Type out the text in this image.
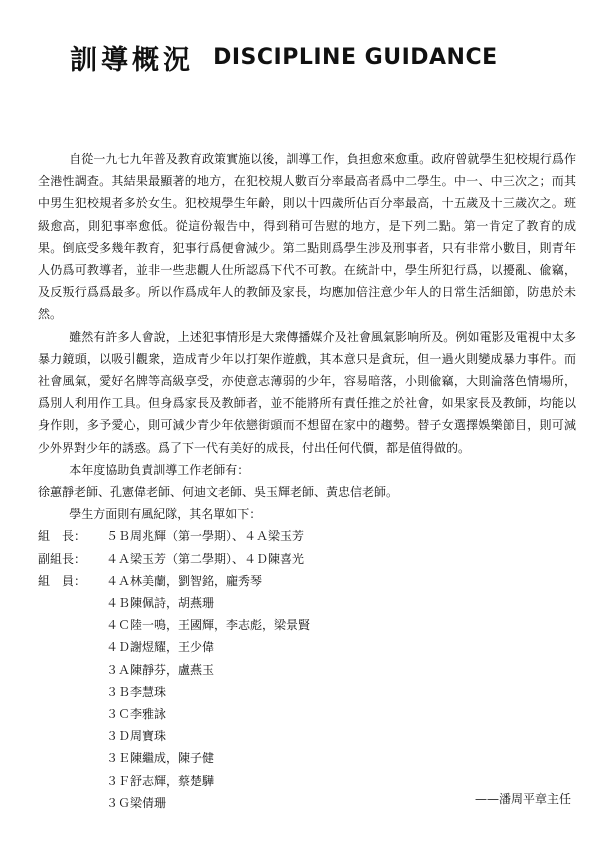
訓導概況 DISCIPLINE GUIDANCE

自從一九七九年普及教育政策實施以後，訓導工作，負担愈來愈重。政府曾就學生犯校規行爲作全港性調查。其結果最顯著的地方，在犯校規人數百分率最高者爲中二學生。中一、中三次之；而其中男生犯校規者多於女生。犯校規學生年齡，則以十四歲所佔百分率最高，十五歲及十三歲次之。班級愈高，則犯事率愈低。從這份報告中，得到稍可告慰的地方，是下列二點。第一肯定了教育的成果。倒底受多幾年教育，犯事行爲便會減少。第二點則爲學生涉及刑事者，只有非常小數目，則青年人仍爲可教導者，並非一些悲觀人仕所認爲下代不可教。在統計中，學生所犯行爲，以擾亂、偸竊，及反叛行爲爲最多。所以作爲成年人的教師及家長，均應加倍注意少年人的日常生活細節，防患於未然。

雖然有許多人會說，上述犯事情形是大衆傳播媒介及社會風氣影响所及。例如電影及電視中太多暴力鏡頭，以吸引觀衆，造成青少年以打架作遊戲，其本意只是貪玩，但一過火則變成暴力事件。而社會風氣，愛好名牌等高級享受，亦使意志薄弱的少年，容易暗落，小則偸竊，大則淪落色情場所，爲別人利用作工具。但身爲家長及教師者，並不能將所有責任推之於社會，如果家長及教師，均能以身作則，多予愛心，則可減少青少年依戀街頭而不想留在家中的趨勢。替子女選擇娛樂節目，則可減少外界對少年的誘惑。爲了下一代有美好的成長，付出任何代價，都是值得做的。

本年度協助負責訓導工作老師有：

徐蕙靜老師、孔憲偉老師、何迪文老師、吳玉輝老師、黃忠信老師。

學生方面則有風紀隊，其名單如下：

組　長：	５Ｂ周兆輝（第一學期）、４Ａ梁玉芳
副組長：	４Ａ梁玉芳（第二學期）、４Ｄ陳喜光
組　員：	４Ａ林美蘭，劉智銘，龐秀琴
４Ｂ陳佩詩，胡燕珊
４Ｃ陸一鳴，王國輝，李志彪，梁景賢
４Ｄ謝煜耀，王少偉
３Ａ陳靜芬，盧燕玉
３Ｂ李慧珠
３Ｃ李雅詠
３Ｄ周寶珠
３Ｅ陳繼成，陳子健
３Ｆ舒志輝，蔡楚驊
３Ｇ梁倩珊	——潘周平章主任
